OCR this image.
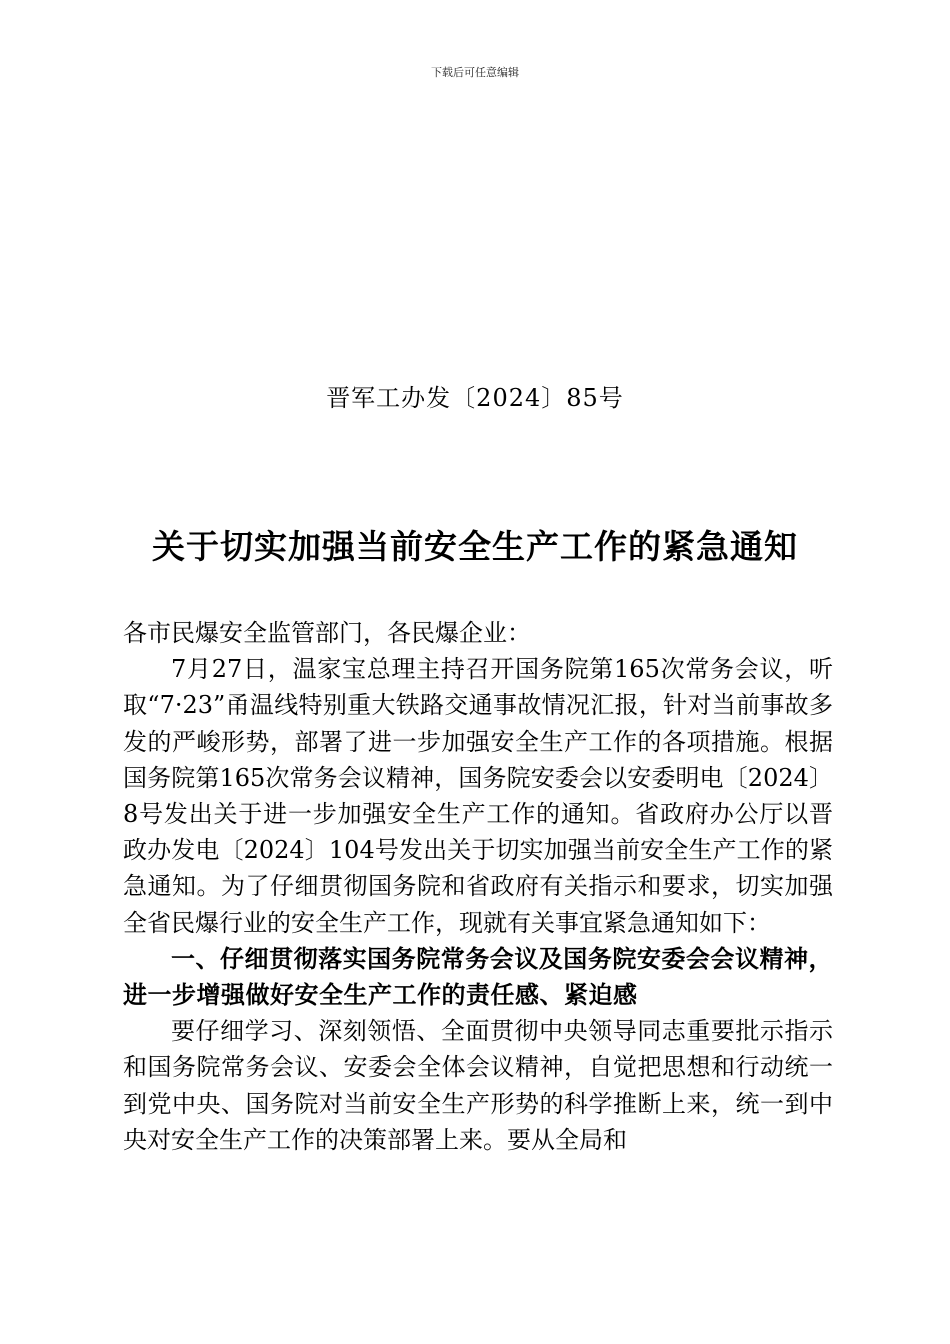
下载后可任意编辑
晋军工办发〔2024〕85号
关于切实加强当前安全生产工作的紧急通知

各市民爆安全监管部门，各民爆企业：

7月27日，温家宝总理主持召开国务院第165次常务会议，听取“7·23”甬温线特别重大铁路交通事故情况汇报，针对当前事故多发的严峻形势，部署了进一步加强安全生产工作的各项措施。根据国务院第165次常务会议精神，国务院安委会以安委明电〔2024〕8号发出关于进一步加强安全生产工作的通知。省政府办公厅以晋政办发电〔2024〕104号发出关于切实加强当前安全生产工作的紧急通知。为了仔细贯彻国务院和省政府有关指示和要求，切实加强全省民爆行业的安全生产工作，现就有关事宜紧急通知如下：

一、仔细贯彻落实国务院常务会议及国务院安委会会议精神，进一步增强做好安全生产工作的责任感、紧迫感

要仔细学习、深刻领悟、全面贯彻中央领导同志重要批示指示和国务院常务会议、安委会全体会议精神，自觉把思想和行动统一到党中央、国务院对当前安全生产形势的科学推断上来，统一到中央对安全生产工作的决策部署上来。要从全局和
